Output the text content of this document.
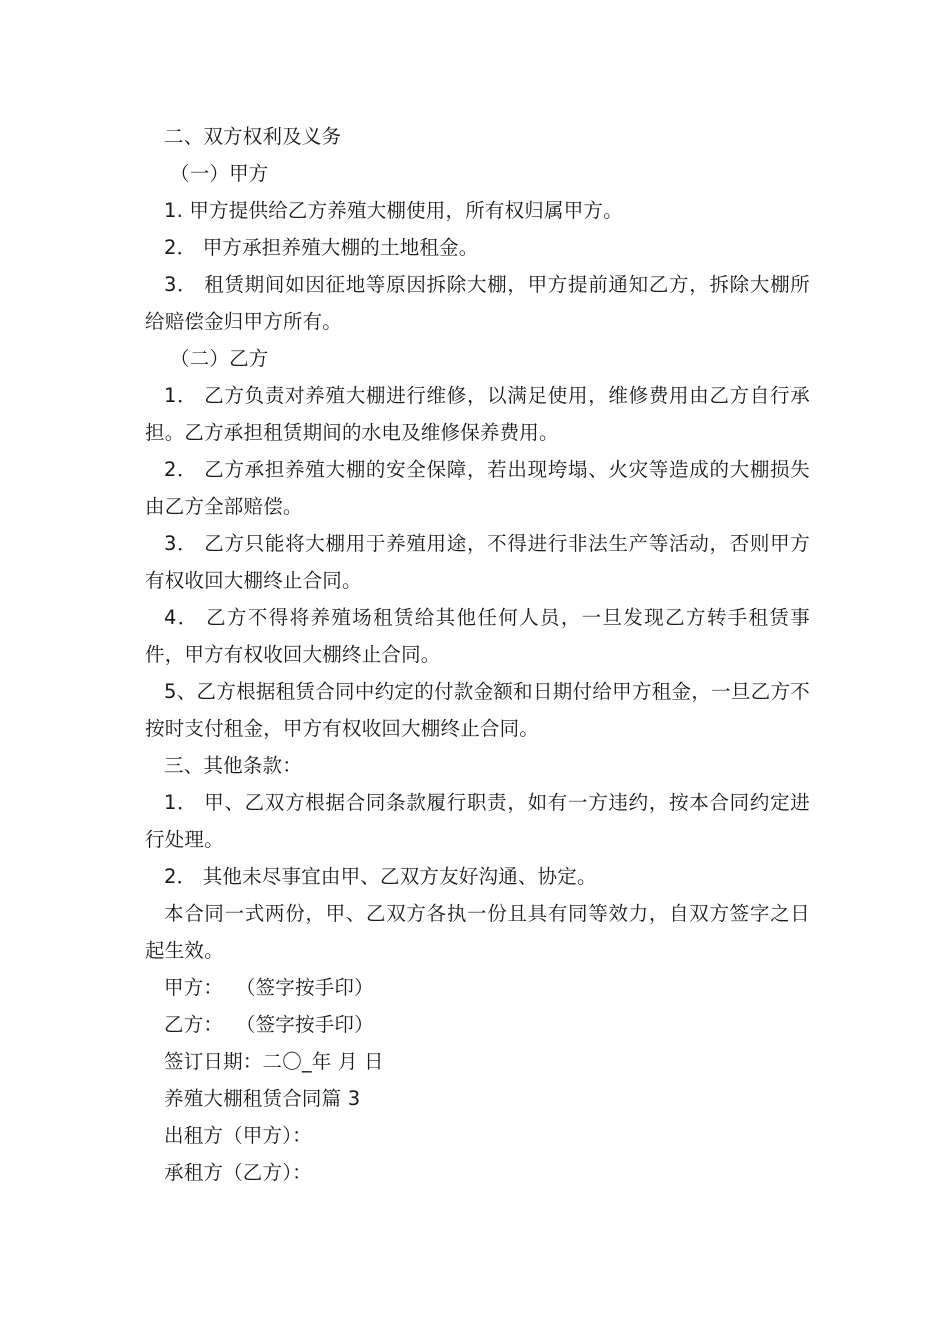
二、双方权利及义务
（一）甲方
1. 甲方提供给乙方养殖大棚使用，所有权归属甲方。
2． 甲方承担养殖大棚的土地租金。
3． 租赁期间如因征地等原因拆除大棚，甲方提前通知乙方，拆除大棚所给赔偿金归甲方所有。
（二）乙方
1． 乙方负责对养殖大棚进行维修，以满足使用，维修费用由乙方自行承担。乙方承担租赁期间的水电及维修保养费用。
2． 乙方承担养殖大棚的安全保障，若出现垮塌、火灾等造成的大棚损失由乙方全部赔偿。
3． 乙方只能将大棚用于养殖用途，不得进行非法生产等活动，否则甲方有权收回大棚终止合同。
4． 乙方不得将养殖场租赁给其他任何人员，一旦发现乙方转手租赁事件，甲方有权收回大棚终止合同。
5、乙方根据租赁合同中约定的付款金额和日期付给甲方租金，一旦乙方不按时支付租金，甲方有权收回大棚终止合同。
三、其他条款：
1． 甲、乙双方根据合同条款履行职责，如有一方违约，按本合同约定进行处理。
2． 其他未尽事宜由甲、乙双方友好沟通、协定。
本合同一式两份，甲、乙双方各执一份且具有同等效力，自双方签字之日起生效。
甲方：  （签字按手印）
乙方：  （签字按手印）
签订日期：二〇_年 月 日
养殖大棚租赁合同篇 3
出租方（甲方）：
承租方（乙方）：
